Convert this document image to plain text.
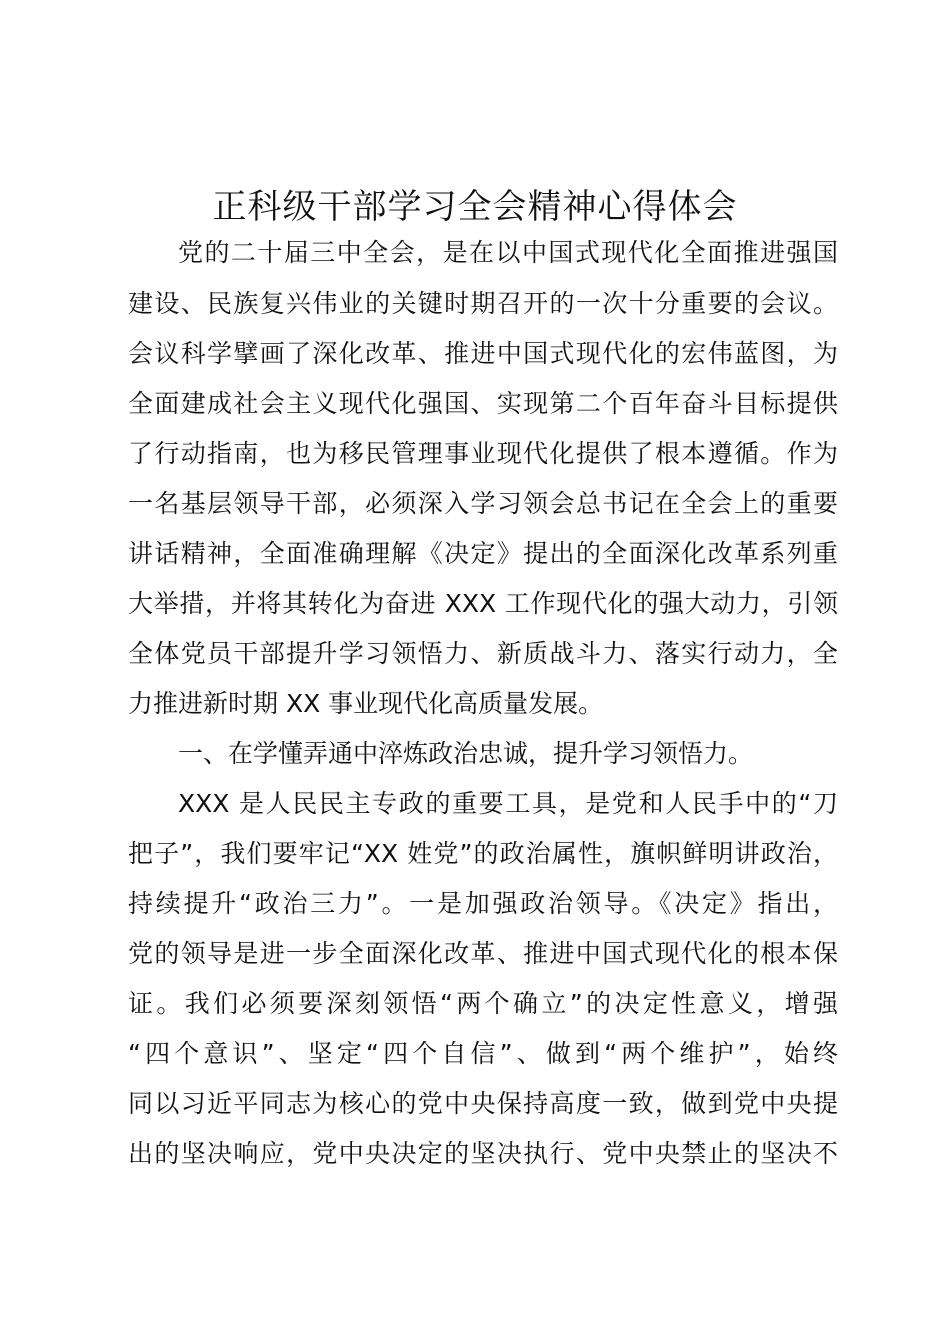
正科级干部学习全会精神心得体会

党的二十届三中全会，是在以中国式现代化全面推进强国

建设、民族复兴伟业的关键时期召开的一次十分重要的会议。

会议科学擘画了深化改革、推进中国式现代化的宏伟蓝图，为

全面建成社会主义现代化强国、实现第二个百年奋斗目标提供

了行动指南，也为移民管理事业现代化提供了根本遵循。作为

一名基层领导干部，必须深入学习领会总书记在全会上的重要

讲话精神，全面准确理解《决定》提出的全面深化改革系列重

大举措，并将其转化为奋进 XXX 工作现代化的强大动力，引领

全体党员干部提升学习领悟力、新质战斗力、落实行动力，全

力推进新时期 XX 事业现代化高质量发展。

一、在学懂弄通中淬炼政治忠诚，提升学习领悟力。

XXX 是人民民主专政的重要工具，是党和人民手中的“刀

把子”，我们要牢记“XX 姓党”的政治属性，旗帜鲜明讲政治，

持续提升“政治三力”。一是加强政治领导。《决定》指出，

党的领导是进一步全面深化改革、推进中国式现代化的根本保

证。我们必须要深刻领悟“两个确立”的决定性意义，增强

“四个意识”、坚定“四个自信”、做到“两个维护”，始终

同以习近平同志为核心的党中央保持高度一致，做到党中央提

出的坚决响应，党中央决定的坚决执行、党中央禁止的坚决不
